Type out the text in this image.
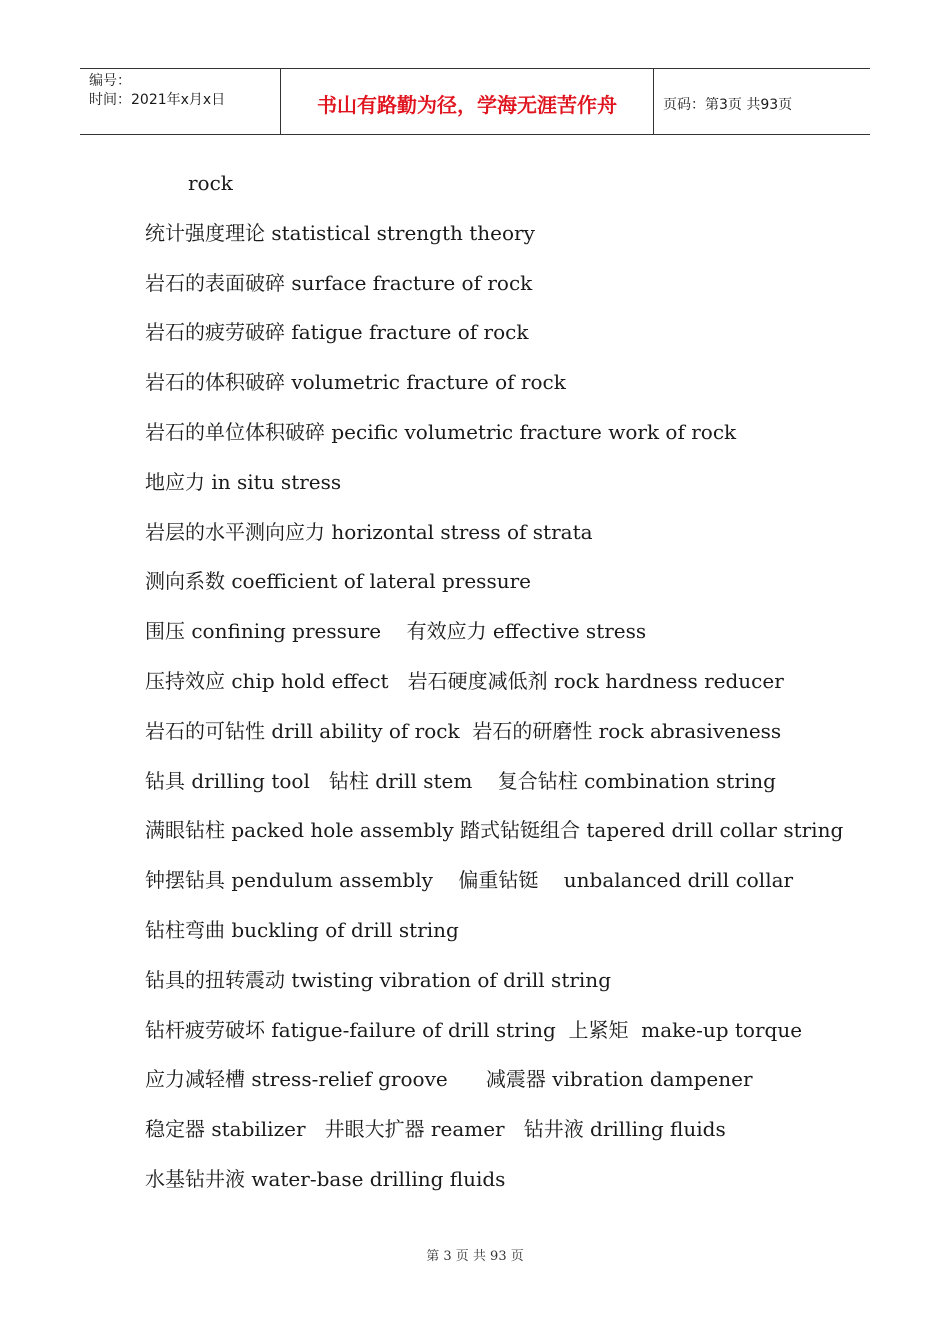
编号：
时间：2021年x月x日	书山有路勤为径，学海无涯苦作舟	页码：第3页 共93页
rock
统计强度理论 statistical strength theory
岩石的表面破碎 surface fracture of rock
岩石的疲劳破碎 fatigue fracture of rock
岩石的体积破碎 volumetric fracture of rock
岩石的单位体积破碎 pecific volumetric fracture work of rock
地应力 in situ stress
岩层的水平测向应力 horizontal stress of strata
测向系数 coefficient of lateral pressure
围压 confining pressure    有效应力 effective stress
压持效应 chip hold effect   岩石硬度减低剂 rock hardness reducer
岩石的可钻性 drill ability of rock  岩石的研磨性 rock abrasiveness
钻具 drilling tool   钻柱 drill stem    复合钻柱 combination string
满眼钻柱 packed hole assembly 踏式钻铤组合 tapered drill collar string
钟摆钻具 pendulum assembly    偏重钻铤    unbalanced drill collar
钻柱弯曲 buckling of drill string
钻具的扭转震动 twisting vibration of drill string
钻杆疲劳破坏 fatigue-failure of drill string  上紧矩  make-up torque
应力减轻槽 stress-relief groove      减震器 vibration dampener
稳定器 stabilizer   井眼大扩器 reamer   钻井液 drilling fluids
水基钻井液 water-base drilling fluids
第 3 页 共 93 页
